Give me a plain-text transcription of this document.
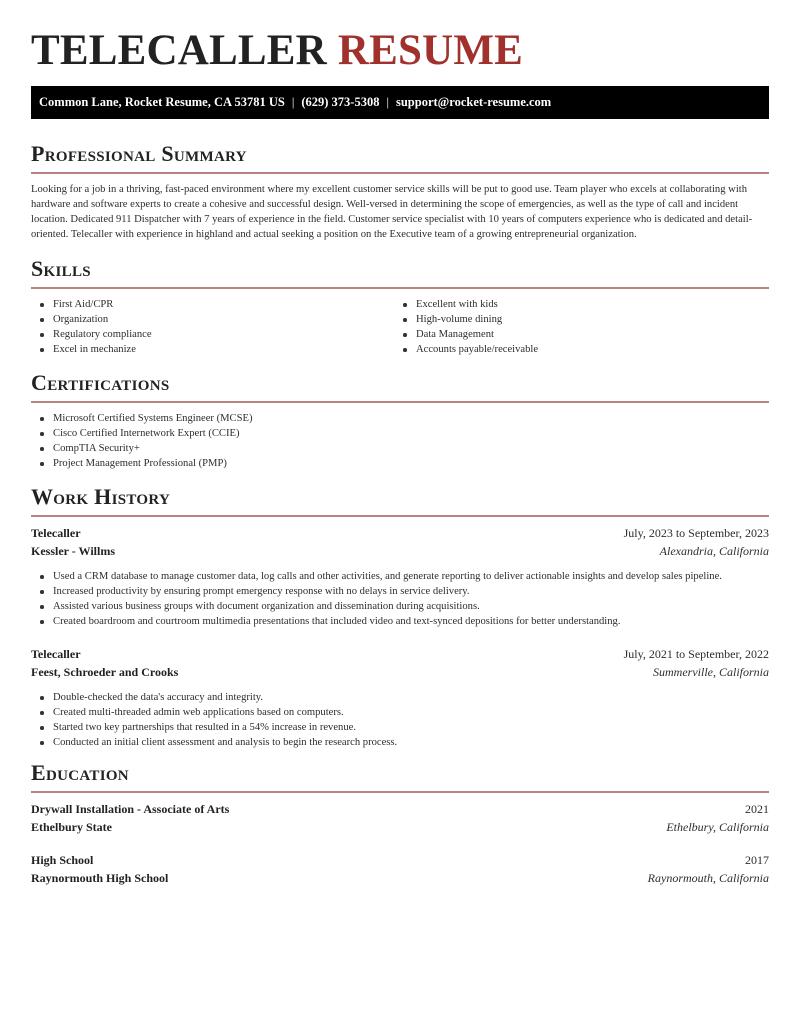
TELECALLER RESUME
Common Lane, Rocket Resume, CA 53781 US | (629) 373-5308 | support@rocket-resume.com
Professional Summary

Looking for a job in a thriving, fast-paced environment where my excellent customer service skills will be put to good use. Team player who excels at collaborating with hardware and software experts to create a cohesive and successful design. Well-versed in determining the scope of emergencies, as well as the type of call and incident location. Dedicated 911 Dispatcher with 7 years of experience in the field. Customer service specialist with 10 years of computers experience who is dedicated and detail-oriented. Telecaller with experience in highland and actual seeking a position on the Executive team of a growing entrepreneurial organization.

Skills
First Aid/CPR
Organization
Regulatory compliance
Excel in mechanize
Excellent with kids
High-volume dining
Data Management
Accounts payable/receivable
Certifications
Microsoft Certified Systems Engineer (MCSE)
Cisco Certified Internetwork Expert (CCIE)
CompTIA Security+
Project Management Professional (PMP)
Work History
Telecaller	July, 2023 to September, 2023
Kessler - Willms	Alexandria, California
Used a CRM database to manage customer data, log calls and other activities, and generate reporting to deliver actionable insights and develop sales pipeline.
Increased productivity by ensuring prompt emergency response with no delays in service delivery.
Assisted various business groups with document organization and dissemination during acquisitions.
Created boardroom and courtroom multimedia presentations that included video and text-synced depositions for better understanding.
Telecaller	July, 2021 to September, 2022
Feest, Schroeder and Crooks	Summerville, California
Double-checked the data's accuracy and integrity.
Created multi-threaded admin web applications based on computers.
Started two key partnerships that resulted in a 54% increase in revenue.
Conducted an initial client assessment and analysis to begin the research process.
Education
Drywall Installation - Associate of Arts	2021
Ethelbury State	Ethelbury, California
High School	2017
Raynormouth High School	Raynormouth, California
